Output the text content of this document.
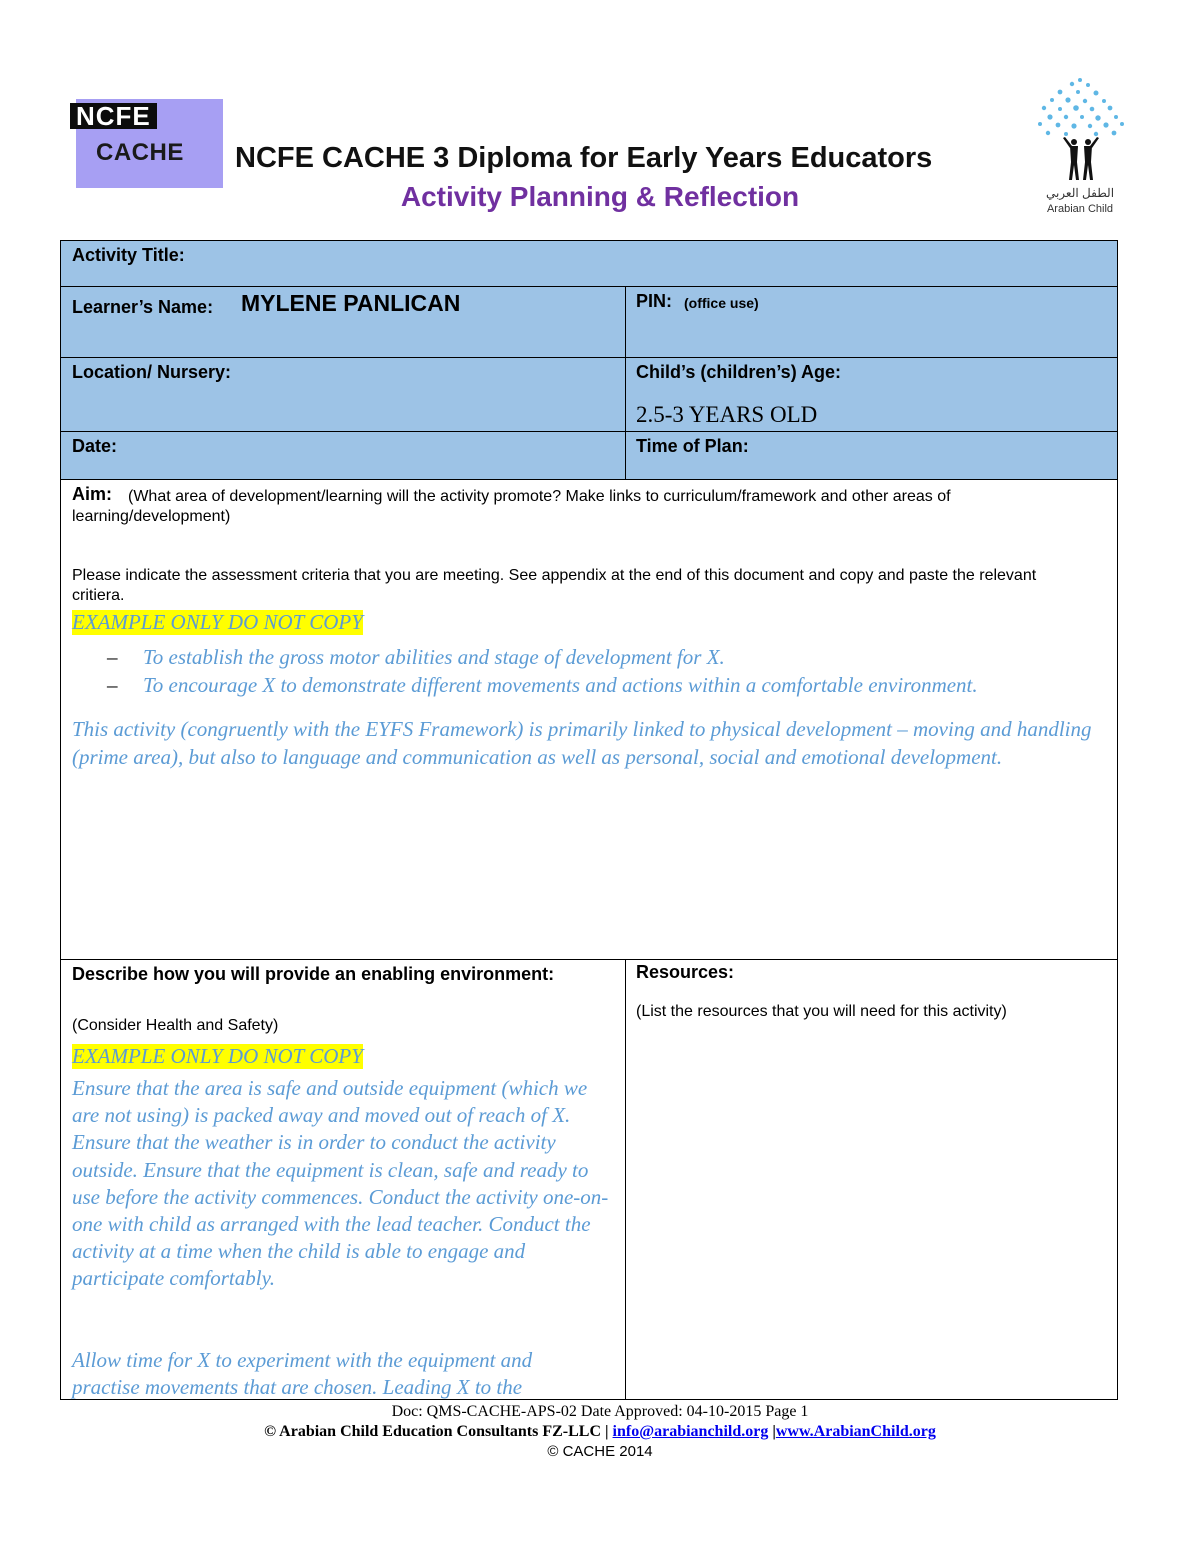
NCFE
CACHE NCFE CACHE 3 Diploma for Early Years Educators
Activity Planning & Reflection	الطفل العربي
Arabian Child
Activity Title:
Learner’s Name: MYLENE PANLICAN	PIN: (office use)
Location/ Nursery:	Child’s (children’s) Age:
2.5-3 YEARS OLD
Date:	Time of Plan:
Aim:	(What area of development/learning will the activity promote? Make links to curriculum/framework and other areas of learning/development)
Please indicate the assessment criteria that you are meeting. See appendix at the end of this document and copy and paste the relevant critiera.
EXAMPLE ONLY DO NOT COPY
– To establish the gross motor abilities and stage of development for X.
– To encourage X to demonstrate different movements and actions within a comfortable environment.
This activity (congruently with the EYFS Framework) is primarily linked to physical development – moving and handling (prime area), but also to language and communication as well as personal, social and emotional development.
Describe how you will provide an enabling environment:
(Consider Health and Safety)
EXAMPLE ONLY DO NOT COPY
Ensure that the area is safe and outside equipment (which we are not using) is packed away and moved out of reach of X. Ensure that the weather is in order to conduct the activity outside. Ensure that the equipment is clean, safe and ready to use before the activity commences. Conduct the activity one-on-one with child as arranged with the lead teacher. Conduct the activity at a time when the child is able to engage and participate comfortably.
Allow time for X to experiment with the equipment and practise movements that are chosen. Leading X to the
Resources:
(List the resources that you will need for this activity)
Doc: QMS-CACHE-APS-02 Date Approved: 04-10-2015 Page 1
© Arabian Child Education Consultants FZ-LLC | info@arabianchild.org |www.ArabianChild.org
© CACHE 2014
